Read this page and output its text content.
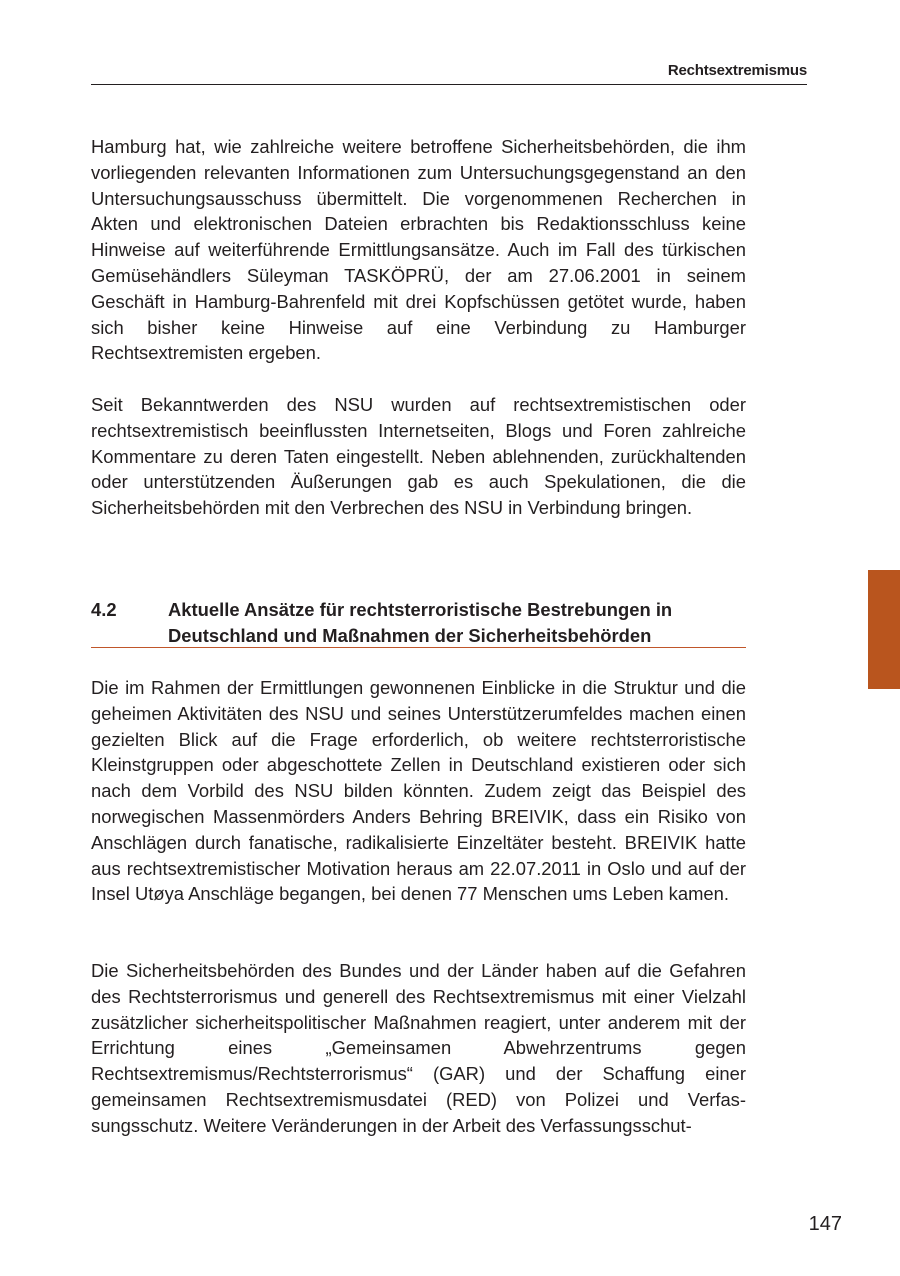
Rechtsextremismus

Hamburg hat, wie zahlreiche weitere betroffene Sicherheitsbehörden, die ihm vorliegenden relevanten Informationen zum Untersuchungsgegenstand an den Untersuchungsausschuss übermittelt. Die vorgenommenen Recherchen in Akten und elektronischen Dateien erbrachten bis Redaktionsschluss keine Hinweise auf weiterführende Ermittlungsansätze. Auch im Fall des türkischen Gemüsehändlers Süleyman TASKÖPRÜ, der am 27.06.2001 in seinem Geschäft in Hamburg-Bahrenfeld mit drei Kopfschüssen getötet wurde, haben sich bisher keine Hinweise auf eine Verbindung zu Hamburger Rechtsextremisten ergeben.

Seit Bekanntwerden des NSU wurden auf rechtsextremistischen oder rechtsextremistisch beeinflussten Internetseiten, Blogs und Foren zahlreiche Kommentare zu deren Taten eingestellt. Neben ablehnenden, zurückhaltenden oder unterstützenden Äußerungen gab es auch Spekulationen, die die Sicherheitsbehörden mit den Verbrechen des NSU in Verbindung bringen.

4.2	Aktuelle Ansätze für rechtsterroristische Bestrebungen in Deutschland und Maßnahmen der Sicherheitsbehörden

Die im Rahmen der Ermittlungen gewonnenen Einblicke in die Struktur und die geheimen Aktivitäten des NSU und seines Unterstützerumfeldes machen einen gezielten Blick auf die Frage erforderlich, ob weitere rechtsterroristische Kleinstgruppen oder abgeschottete Zellen in Deutschland existieren oder sich nach dem Vorbild des NSU bilden könnten. Zudem zeigt das Beispiel des norwegischen Massenmörders Anders Behring BREIVIK, dass ein Risiko von Anschlägen durch fanatische, radikalisierte Einzeltäter besteht. BREIVIK hatte aus rechtsextremistischer Motivation heraus am 22.07.2011 in Oslo und auf der Insel Utøya Anschläge begangen, bei denen 77 Menschen ums Leben kamen.

Die Sicherheitsbehörden des Bundes und der Länder haben auf die Gefahren des Rechtsterrorismus und generell des Rechtsextremismus mit einer Vielzahl zusätzlicher sicherheitspolitischer Maßnahmen reagiert, unter anderem mit der Errichtung eines „Gemeinsamen Abwehrzentrums gegen Rechtsextremismus/Rechtsterrorismus“ (GAR) und der Schaffung einer gemeinsamen Rechtsextremismusdatei (RED) von Polizei und Verfassungsschutz. Weitere Veränderungen in der Arbeit des Verfassungsschut-

147
